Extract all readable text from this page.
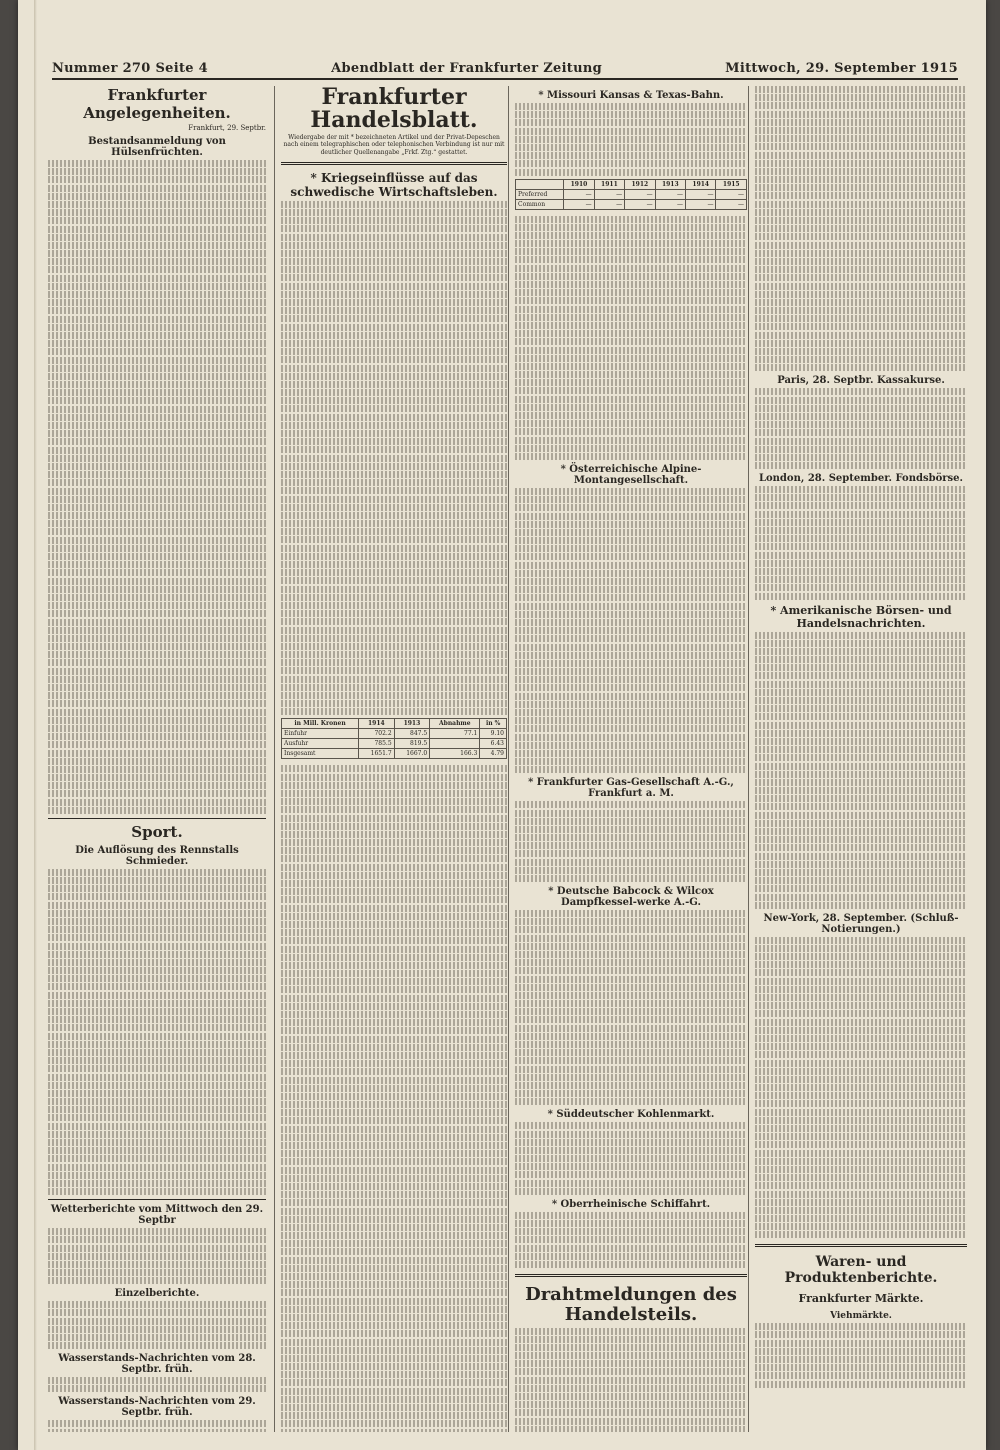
Nummer 270 Seite 4	Abendblatt der Frankfurter Zeitung	Mittwoch, 29. September 1915
Frankfurter Angelegenheiten.
Frankfurt, 29. Septbr.
Bestandsanmeldung von Hülsenfrüchten.
Sport.
Die Auflösung des Rennstalls Schmieder.
Wetterberichte vom Mittwoch den 29. Septbr
Einzelberichte.
Wasserstands-Nachrichten vom 28. Septbr. früh.
Wasserstands-Nachrichten vom 29. Septbr. früh.
Frankfurter Handelsblatt.
Wiedergabe der mit * bezeichneten Artikel und der Privat-Depeschen nach einem telegraphischen oder telephonischen Verbindung ist nur mit deutlicher Quellenangabe „Frkf. Ztg.“ gestattet.
* Kriegseinflüsse auf das schwedische Wirtschaftsleben.
in Mill. Kronen	1914	1913	Abnahme	in %
Einfuhr	702.2	847.5	77.1	9.10
Ausfuhr	785.5	819.5		6.43
Insgesamt	1651.7	1667.0	166.3	4.79
* Missouri Kansas & Texas-Bahn.
	1910	1911	1912	1913	1914	1915
Preferred	—	—	—	—	—	—
Common	—	—	—	—	—	—
* Österreichische Alpine-Montangesellschaft.
* Frankfurter Gas-Gesellschaft A.-G., Frankfurt a. M.
* Deutsche Babcock & Wilcox Dampfkessel-werke A.-G.
* Süddeutscher Kohlenmarkt.
* Oberrheinische Schiffahrt.
Drahtmeldungen des Handelsteils.
Paris, 28. Septbr. Kassakurse.
London, 28. September. Fondsbörse.
* Amerikanische Börsen- und Handelsnachrichten.
New-York, 28. September. (Schluß-Notierungen.)
Waren- und Produktenberichte.
Frankfurter Märkte.
Viehmärkte.
